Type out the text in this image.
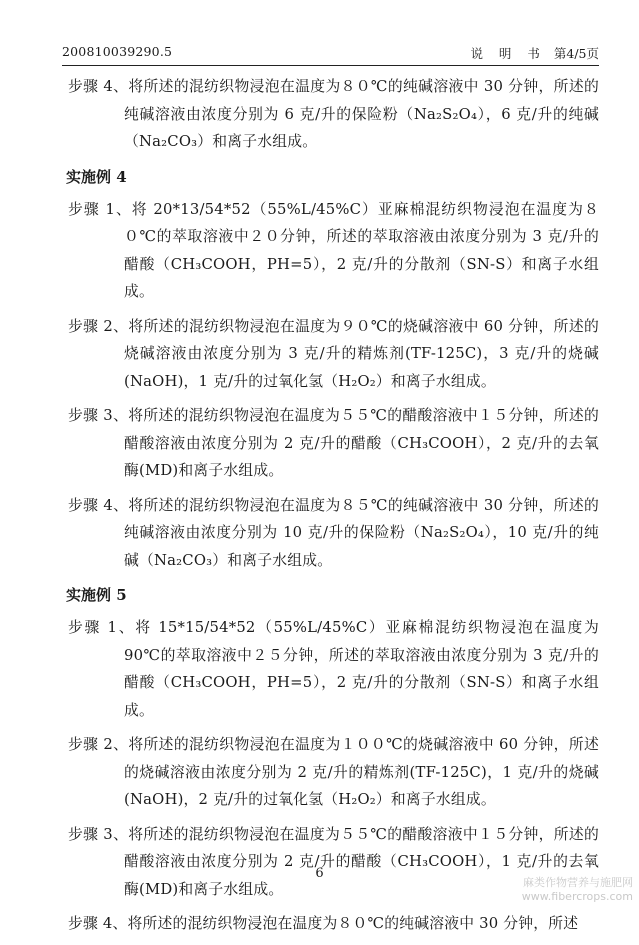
200810039290.5	说 明 书 第4/5页

步骤 4、将所述的混纺织物浸泡在温度为８０℃的纯碱溶液中 30 分钟，所述的纯碱溶液由浓度分别为 6 克/升的保险粉（Na₂S₂O₄），6 克/升的纯碱（Na₂CO₃）和离子水组成。

实施例 4

步骤 1、将 20*13/54*52（55%L/45%C）亚麻棉混纺织物浸泡在温度为８０℃的萃取溶液中２０分钟，所述的萃取溶液由浓度分别为 3 克/升的醋酸（CH₃COOH，PH=5），2 克/升的分散剂（SN-S）和离子水组成。

步骤 2、将所述的混纺织物浸泡在温度为９０℃的烧碱溶液中 60 分钟，所述的烧碱溶液由浓度分别为 3 克/升的精炼剂(TF-125C)，3 克/升的烧碱(NaOH)，1 克/升的过氧化氢（H₂O₂）和离子水组成。

步骤 3、将所述的混纺织物浸泡在温度为５５℃的醋酸溶液中１５分钟，所述的醋酸溶液由浓度分别为 2 克/升的醋酸（CH₃COOH），2 克/升的去氧酶(MD)和离子水组成。

步骤 4、将所述的混纺织物浸泡在温度为８５℃的纯碱溶液中 30 分钟，所述的纯碱溶液由浓度分别为 10 克/升的保险粉（Na₂S₂O₄），10 克/升的纯碱（Na₂CO₃）和离子水组成。

实施例 5

步骤 1、将 15*15/54*52（55%L/45%C）亚麻棉混纺织物浸泡在温度为 90℃的萃取溶液中２５分钟，所述的萃取溶液由浓度分别为 3 克/升的醋酸（CH₃COOH，PH=5），2 克/升的分散剂（SN-S）和离子水组成。

步骤 2、将所述的混纺织物浸泡在温度为１００℃的烧碱溶液中 60 分钟，所述的烧碱溶液由浓度分别为 2 克/升的精炼剂(TF-125C)，1 克/升的烧碱(NaOH)，2 克/升的过氧化氢（H₂O₂）和离子水组成。

步骤 3、将所述的混纺织物浸泡在温度为５５℃的醋酸溶液中１５分钟，所述的醋酸溶液由浓度分别为 2 克/升的醋酸（CH₃COOH），1 克/升的去氧酶(MD)和离子水组成。

步骤 4、将所述的混纺织物浸泡在温度为８０℃的纯碱溶液中 30 分钟，所述

6
麻类作物营养与施肥网
www.fibercrops.com
